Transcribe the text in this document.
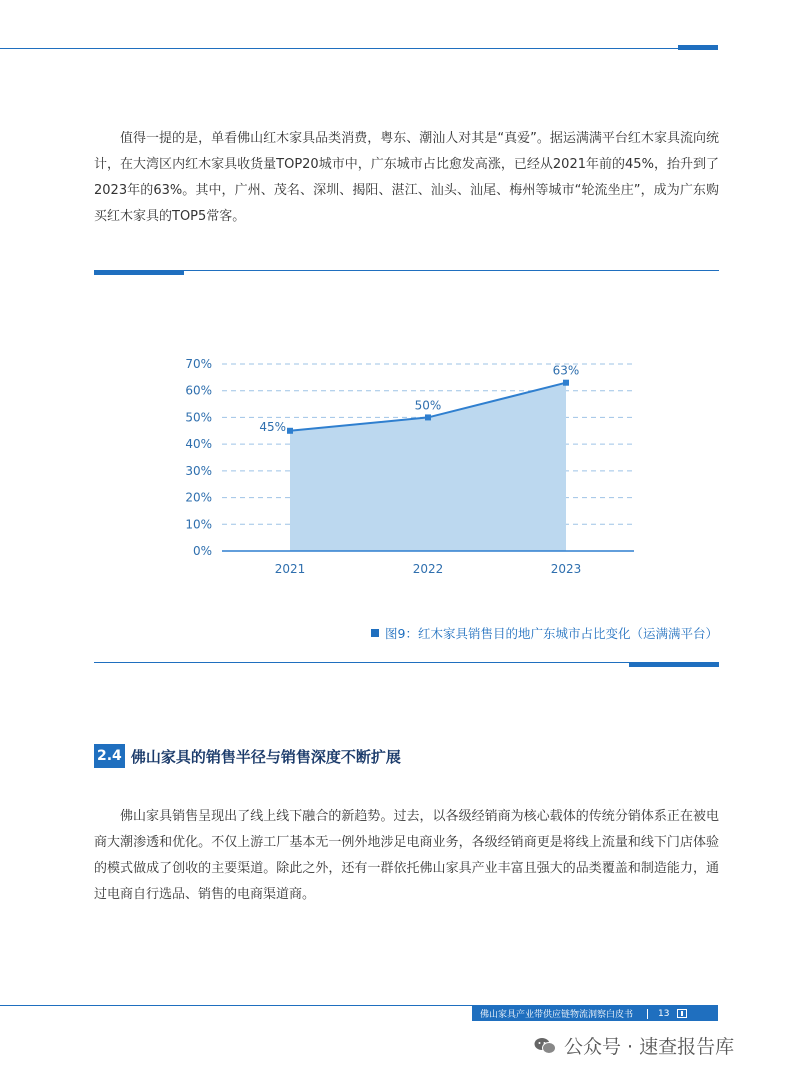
值得一提的是，单看佛山红木家具品类消费，粤东、潮汕人对其是“真爱”。据运满满平台红木家具流向统计，在大湾区内红木家具收货量TOP20城市中，广东城市占比愈发高涨，已经从2021年前的45%，抬升到了2023年的63%。其中，广州、茂名、深圳、揭阳、湛江、汕头、汕尾、梅州等城市“轮流坐庄”，成为广东购买红木家具的TOP5常客。

0%
10%
20%
30%
40%
50%
60%
70%
2021	2022	2023
45%
50%
63%
图9：红木家具销售目的地广东城市占比变化（运满满平台）
2.4 佛山家具的销售半径与销售深度不断扩展

佛山家具销售呈现出了线上线下融合的新趋势。过去，以各级经销商为核心载体的传统分销体系正在被电商大潮渗透和优化。不仅上游工厂基本无一例外地涉足电商业务，各级经销商更是将线上流量和线下门店体验的模式做成了创收的主要渠道。除此之外，还有一群依托佛山家具产业丰富且强大的品类覆盖和制造能力，通过电商自行选品、销售的电商渠道商。

佛山家具产业带供应链物流洞察白皮书	13
公众号 · 速查报告库
